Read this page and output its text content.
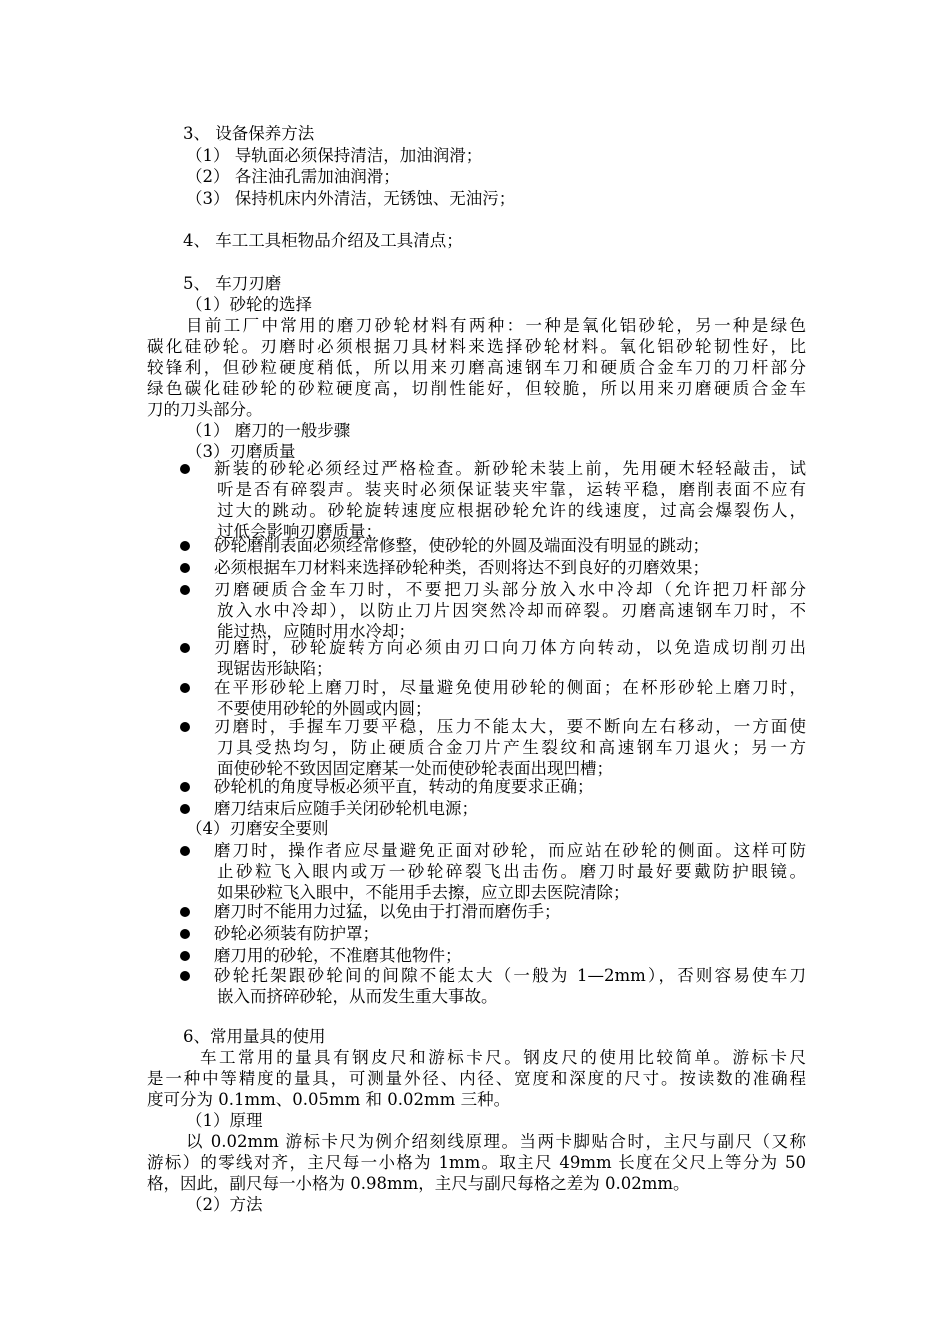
3、 设备保养方法
（1） 导轨面必须保持清洁，加油润滑；
（2） 各注油孔需加油润滑；
（3） 保持机床内外清洁，无锈蚀、无油污；
4、 车工工具柜物品介绍及工具清点；
5、 车刀刃磨
（1）砂轮的选择
目前工厂中常用的磨刀砂轮材料有两种：一种是氧化铝砂轮，另一种是绿色
碳化硅砂轮。刃磨时必须根据刀具材料来选择砂轮材料。氧化铝砂轮韧性好，比
较锋利，但砂粒硬度稍低，所以用来刃磨高速钢车刀和硬质合金车刀的刀杆部分
绿色碳化硅砂轮的砂粒硬度高，切削性能好，但较脆，所以用来刃磨硬质合金车
刀的刀头部分。
（1） 磨刀的一般步骤
（3）刃磨质量
新装的砂轮必须经过严格检查。新砂轮未装上前，先用硬木轻轻敲击，试
听是否有碎裂声。装夹时必须保证装夹牢靠，运转平稳，磨削表面不应有
过大的跳动。砂轮旋转速度应根据砂轮允许的线速度，过高会爆裂伤人，
过低会影响刃磨质量；
砂轮磨削表面必须经常修整，使砂轮的外圆及端面没有明显的跳动；
必须根据车刀材料来选择砂轮种类，否则将达不到良好的刃磨效果；
刃磨硬质合金车刀时，不要把刀头部分放入水中冷却（允许把刀杆部分
放入水中冷却），以防止刀片因突然冷却而碎裂。刃磨高速钢车刀时，不
能过热，应随时用水冷却；
刃磨时，砂轮旋转方向必须由刃口向刀体方向转动，以免造成切削刃出
现锯齿形缺陷；
在平形砂轮上磨刀时，尽量避免使用砂轮的侧面；在杯形砂轮上磨刀时，
不要使用砂轮的外圆或内圆；
刃磨时，手握车刀要平稳，压力不能太大，要不断向左右移动，一方面使
刀具受热均匀，防止硬质合金刀片产生裂纹和高速钢车刀退火；另一方
面使砂轮不致因固定磨某一处而使砂轮表面出现凹槽；
砂轮机的角度导板必须平直，转动的角度要求正确；
磨刀结束后应随手关闭砂轮机电源；
（4）刃磨安全要则
磨刀时，操作者应尽量避免正面对砂轮，而应站在砂轮的侧面。这样可防
止砂粒飞入眼内或万一砂轮碎裂飞出击伤。磨刀时最好要戴防护眼镜。
如果砂粒飞入眼中，不能用手去擦，应立即去医院清除；
磨刀时不能用力过猛，以免由于打滑而磨伤手；
砂轮必须装有防护罩；
磨刀用的砂轮，不准磨其他物件；
砂轮托架跟砂轮间的间隙不能太大（一般为 1—2mm），否则容易使车刀
嵌入而挤碎砂轮，从而发生重大事故。
6、常用量具的使用
车工常用的量具有钢皮尺和游标卡尺。钢皮尺的使用比较简单。游标卡尺
是一种中等精度的量具，可测量外径、内径、宽度和深度的尺寸。按读数的准确程
度可分为 0.1mm、0.05mm 和 0.02mm 三种。
（1）原理
以 0.02mm 游标卡尺为例介绍刻线原理。当两卡脚贴合时，主尺与副尺（又称
游标）的零线对齐，主尺每一小格为 1mm。取主尺 49mm 长度在父尺上等分为 50
格，因此，副尺每一小格为 0.98mm，主尺与副尺每格之差为 0.02mm。
（2）方法
